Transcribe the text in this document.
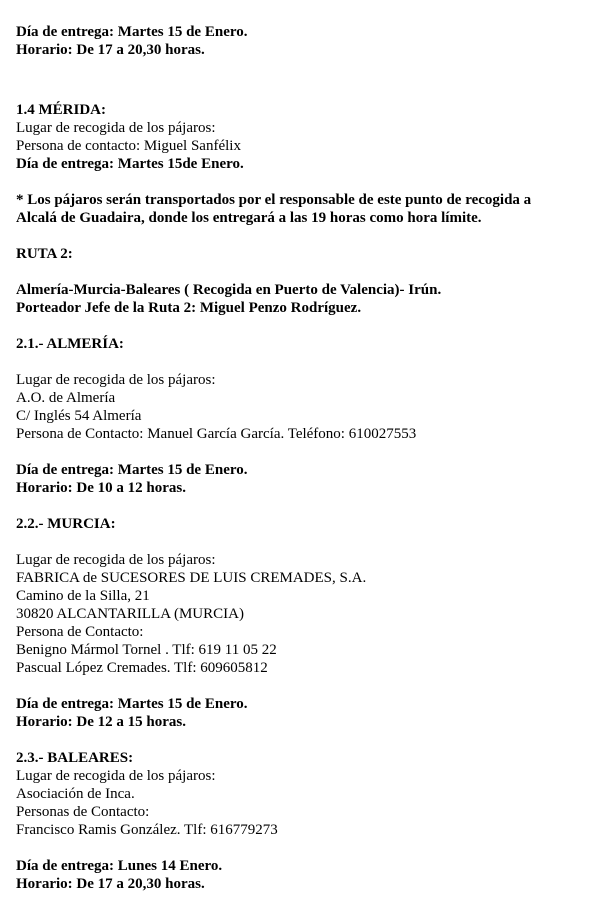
Día de entrega: Martes 15 de Enero.
Horario: De 17 a 20,30 horas.
1.4 MÉRIDA:
Lugar de recogida de los pájaros:
Persona de contacto: Miguel Sanfélix
Día de entrega: Martes 15de Enero.
* Los pájaros serán transportados por el responsable de este punto de recogida a
Alcalá de Guadaira, donde los entregará a las 19 horas como hora límite.
RUTA 2:
Almería-Murcia-Baleares ( Recogida en Puerto de Valencia)- Irún.
Porteador Jefe de la Ruta 2: Miguel Penzo Rodríguez.
2.1.- ALMERÍA:
Lugar de recogida de los pájaros:
A.O. de Almería
C/ Inglés 54 Almería
Persona de Contacto: Manuel García García. Teléfono: 610027553
Día de entrega: Martes 15 de Enero.
Horario: De 10 a 12 horas.
2.2.- MURCIA:
Lugar de recogida de los pájaros:
FABRICA de SUCESORES DE LUIS CREMADES, S.A.
Camino de la Silla, 21
30820 ALCANTARILLA (MURCIA)
Persona de Contacto:
Benigno Mármol Tornel . Tlf: 619 11 05 22
Pascual López Cremades. Tlf: 609605812
Día de entrega: Martes 15 de Enero.
Horario: De 12 a 15 horas.
2.3.- BALEARES:
Lugar de recogida de los pájaros:
Asociación de Inca.
Personas de Contacto:
Francisco Ramis González. Tlf: 616779273
Día de entrega: Lunes 14 Enero.
Horario: De 17 a 20,30 horas.
